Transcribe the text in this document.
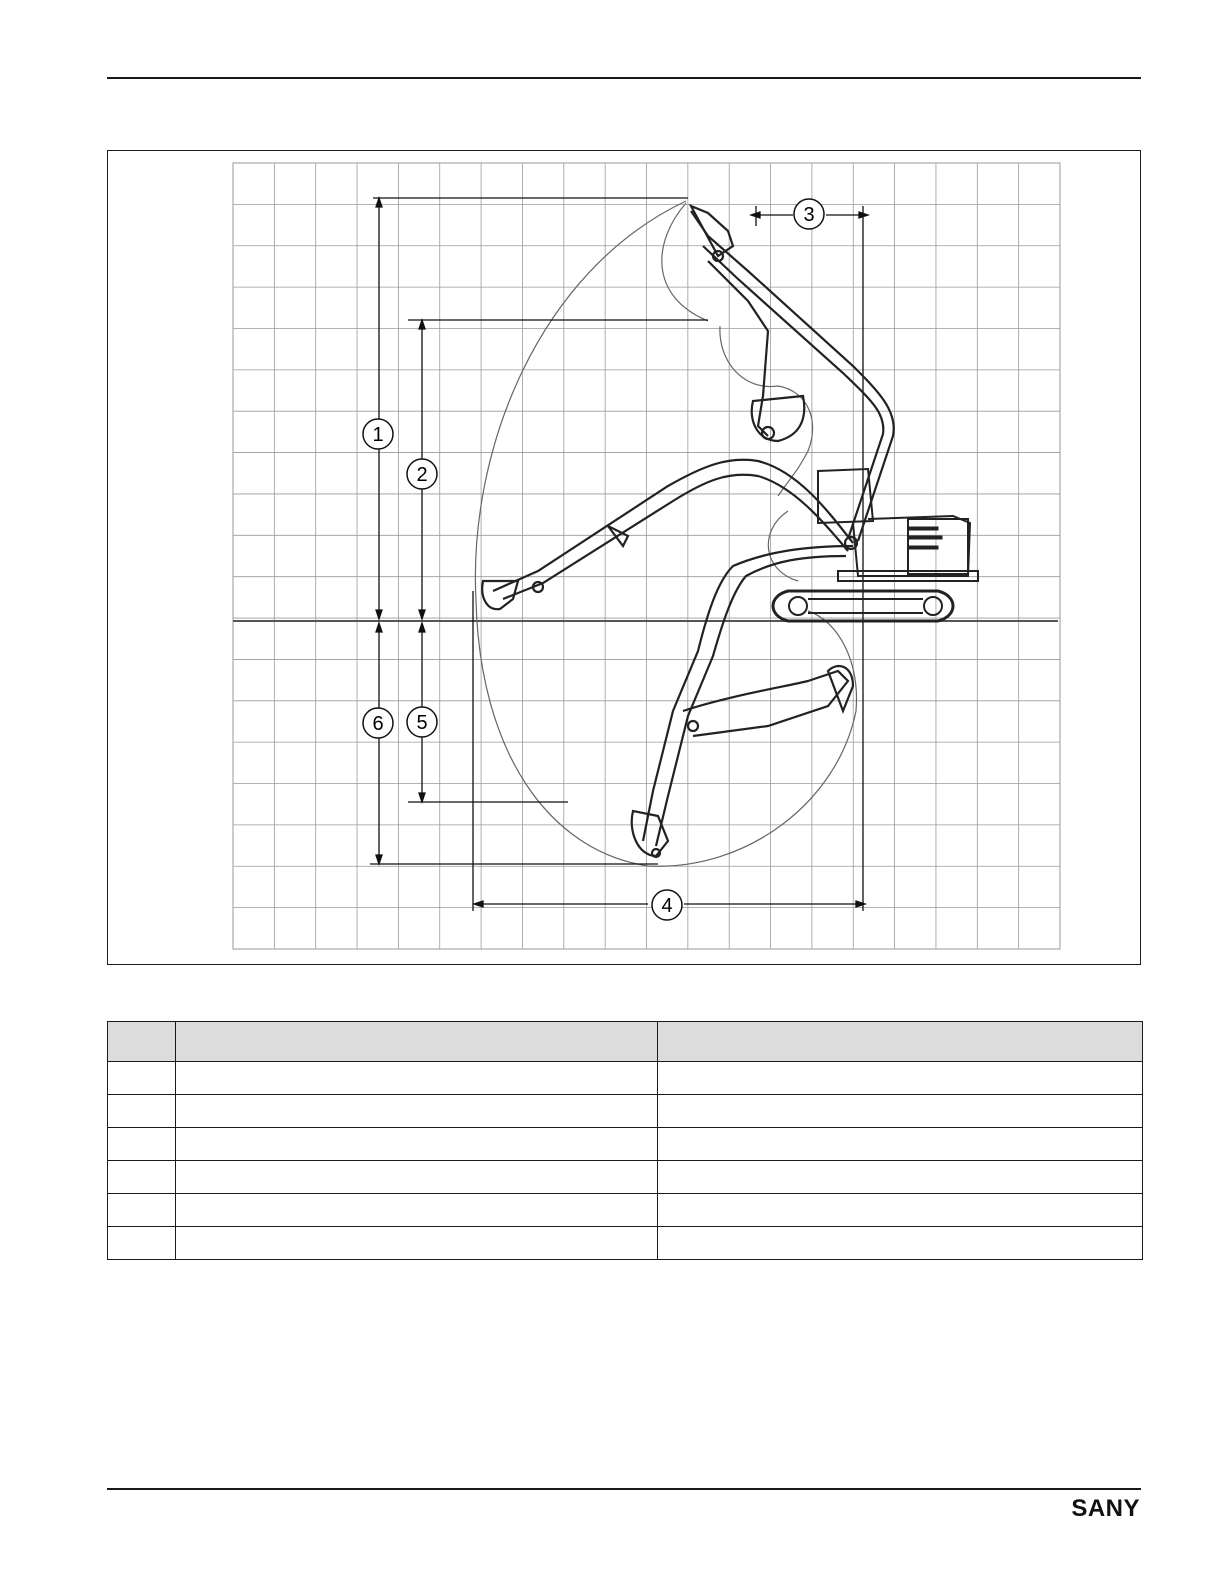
1
2
3
4
5
6

SANY
